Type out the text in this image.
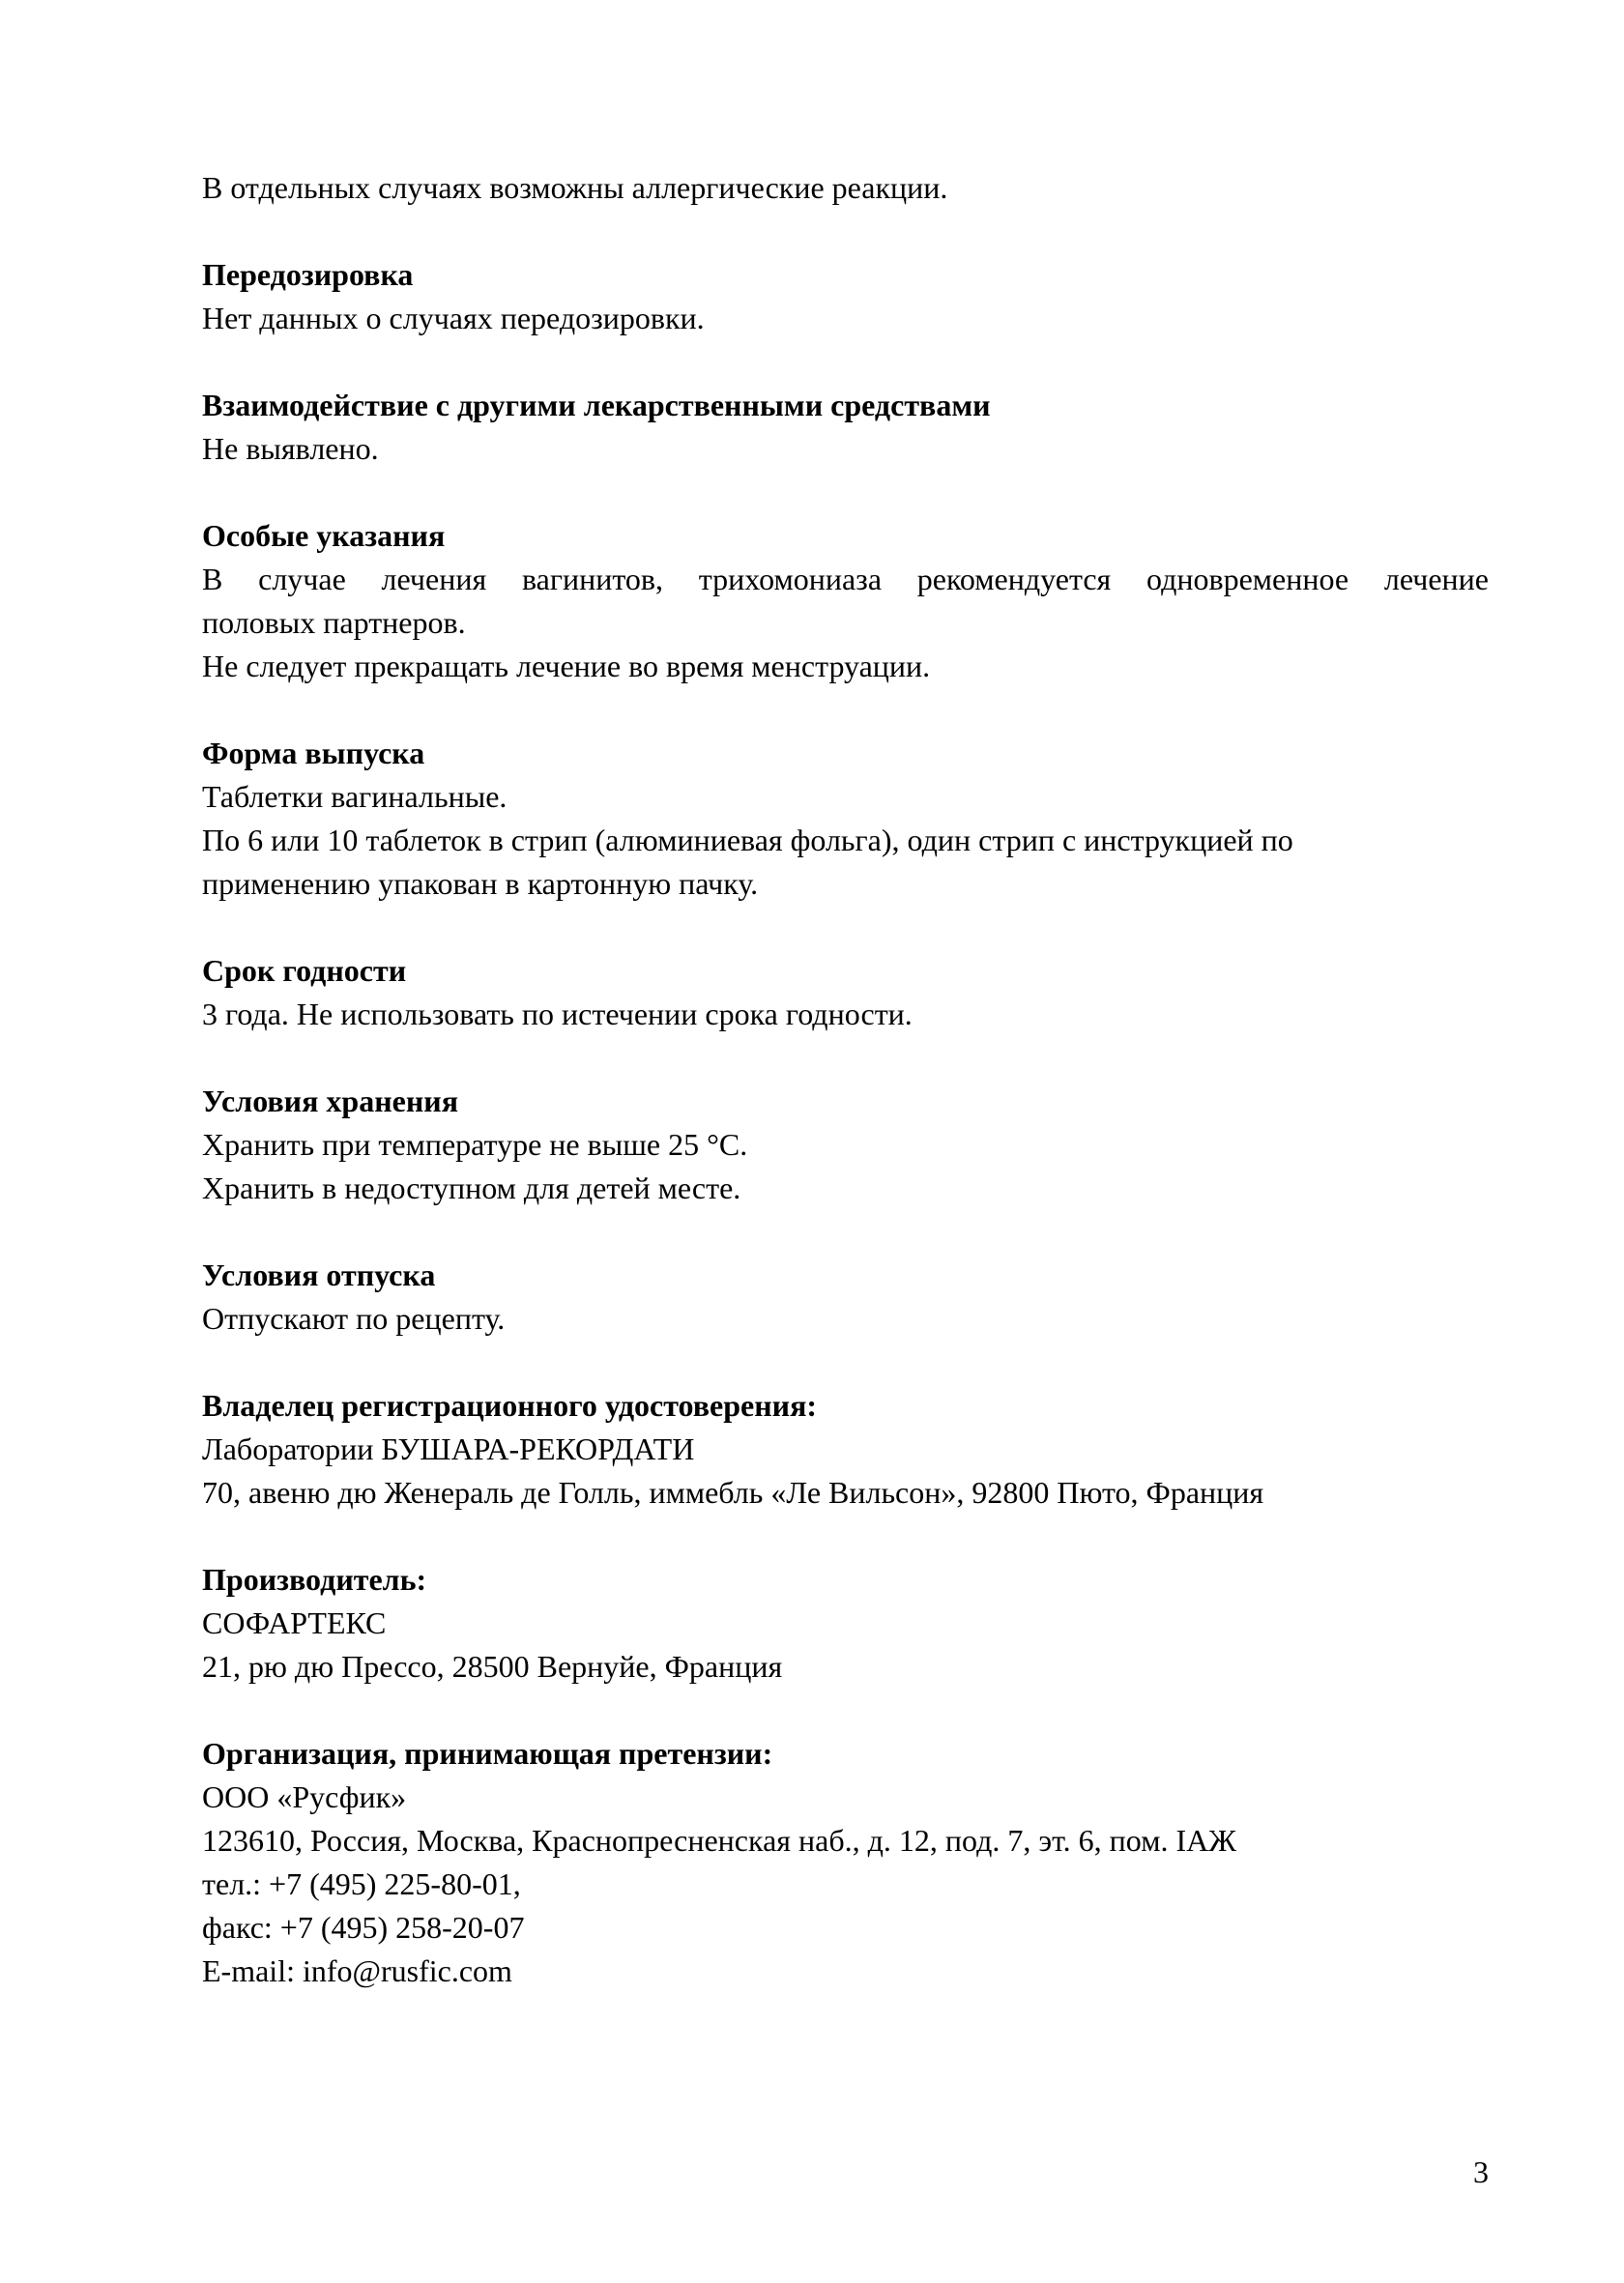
В отдельных случаях возможны аллергические реакции.
Передозировка
Нет данных о случаях передозировки.
Взаимодействие с другими лекарственными средствами
Не выявлено.
Особые указания
В случае лечения вагинитов, трихомониаза рекомендуется одновременное лечение
половых партнеров.
Не следует прекращать лечение во время менструации.
Форма выпуска
Таблетки вагинальные.
По 6 или 10 таблеток в стрип (алюминиевая фольга), один стрип с инструкцией по
применению упакован в картонную пачку.
Срок годности
3 года. Не использовать по истечении срока годности.
Условия хранения
Хранить при температуре не выше 25 °С.
Хранить в недоступном для детей месте.
Условия отпуска
Отпускают по рецепту.
Владелец регистрационного удостоверения:
Лаборатории БУШАРА-РЕКОРДАТИ
70, авеню дю Женераль де Голль, иммебль «Ле Вильсон», 92800 Пюто, Франция
Производитель:
СОФАРТЕКС
21, рю дю Прессо, 28500 Вернуйе, Франция
Организация, принимающая претензии:
ООО «Русфик»
123610, Россия, Москва, Краснопресненская наб., д. 12, под. 7, эт. 6, пом. IАЖ
тел.: +7 (495) 225-80-01,
факс: +7 (495) 258-20-07
E-mail: info@rusfic.com
3
